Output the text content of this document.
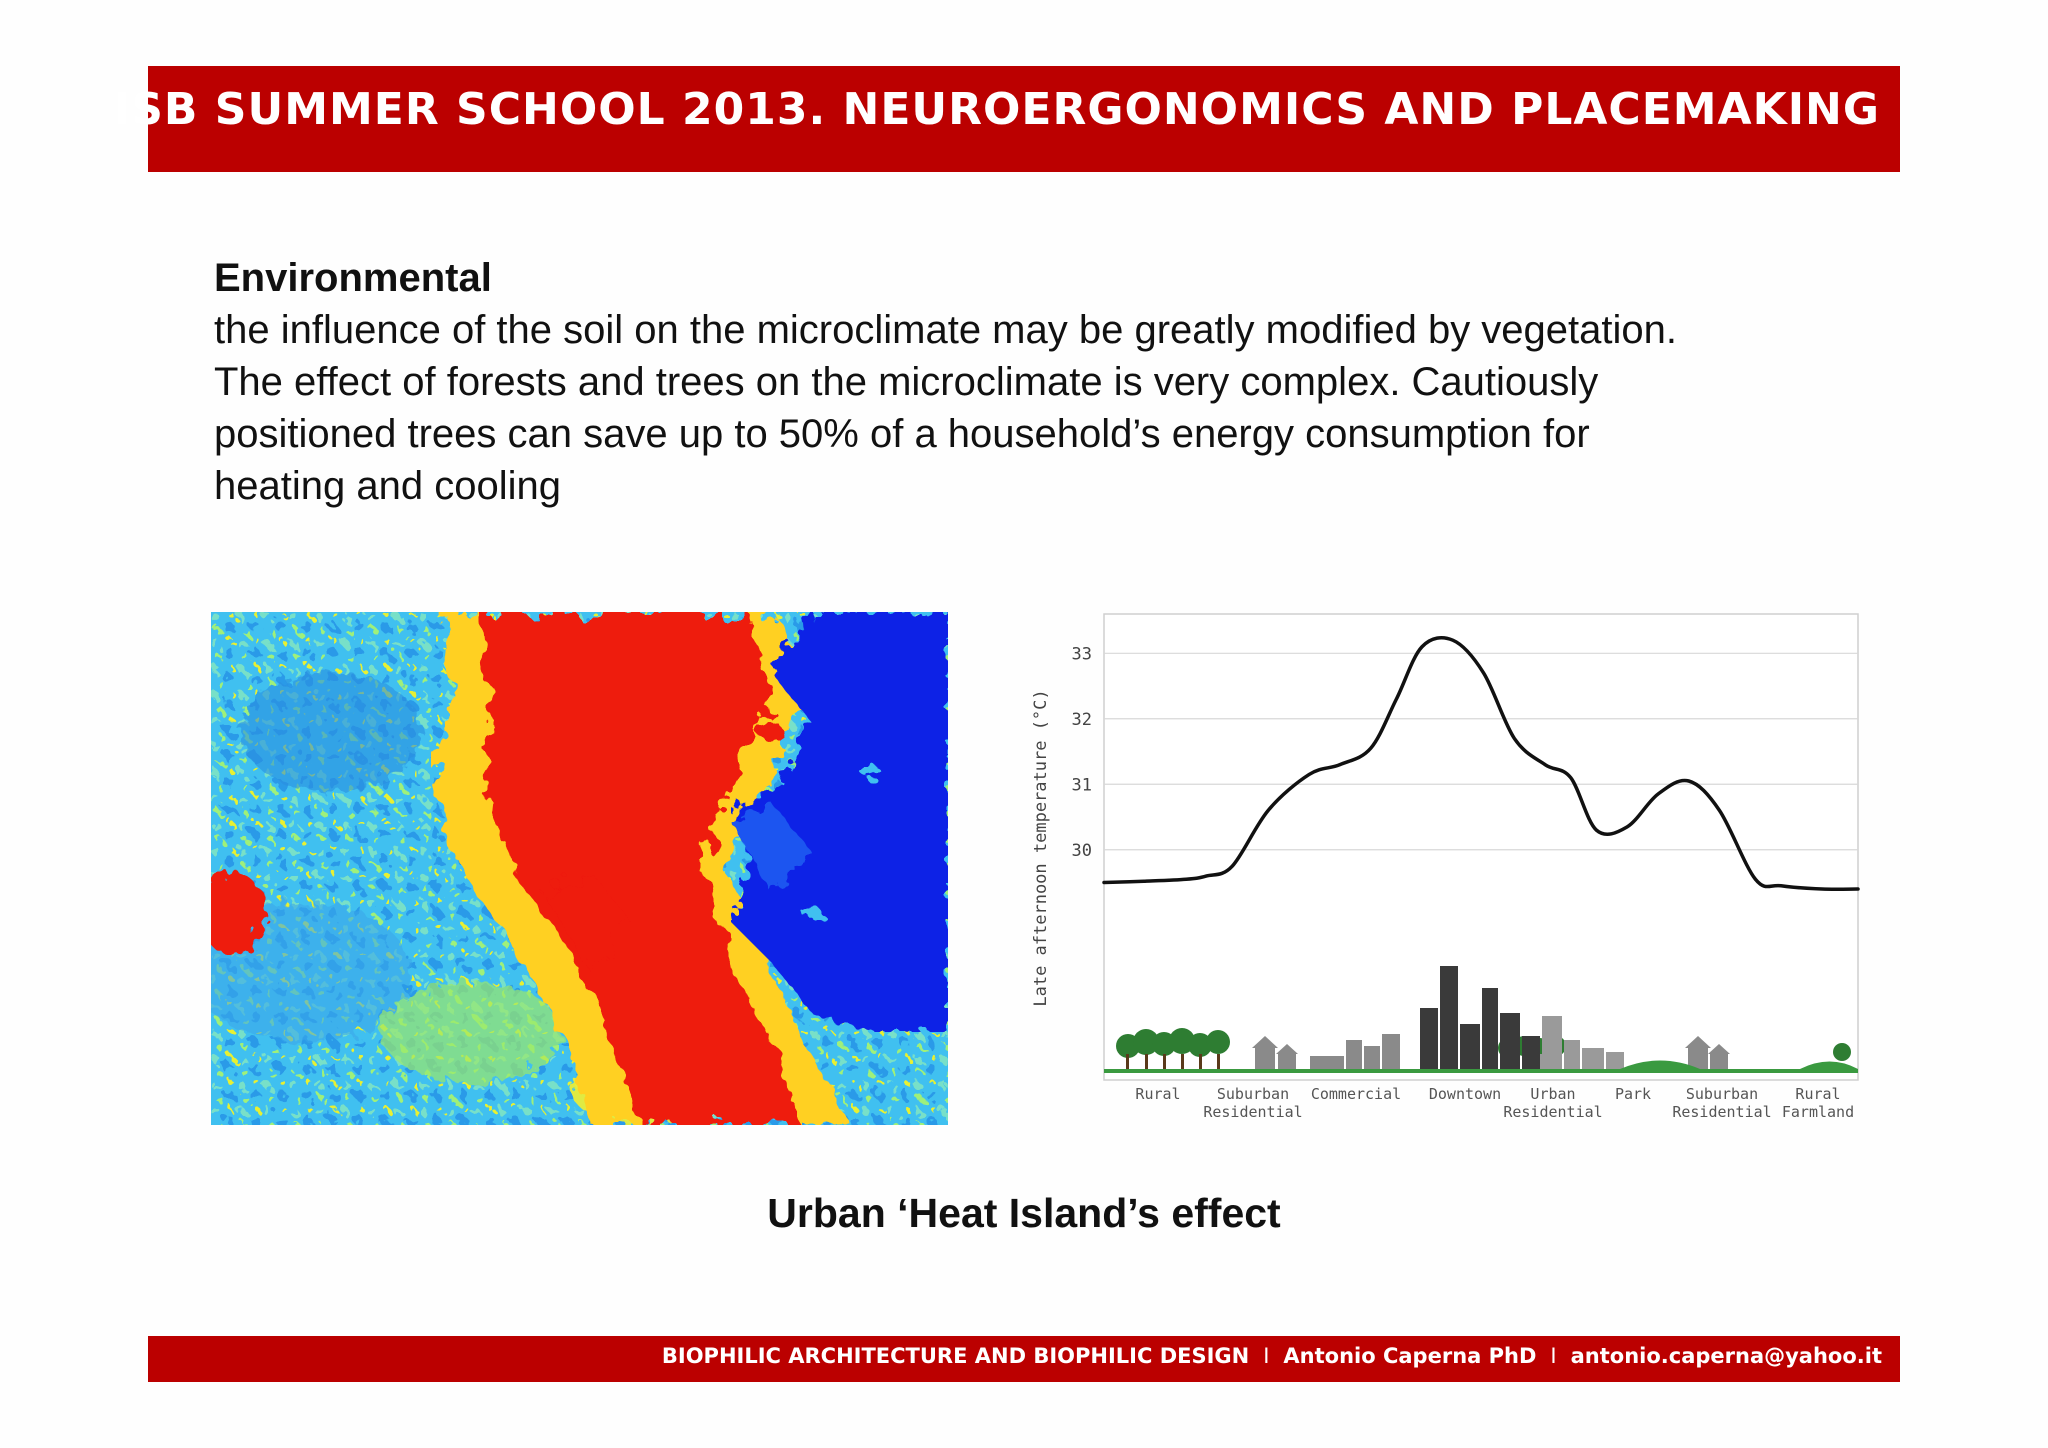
ISB SUMMER SCHOOL 2013. NEUROERGONOMICS AND PLACEMAKING
Environmental
the influence of the soil on the microclimate may be greatly modified by vegetation.
The effect of forests and trees on the microclimate is very complex. Cautiously
positioned trees can save up to 50% of a household’s energy consumption for
heating and cooling
30
31
32
33
Late afternoon temperature (°C)
Rural Suburban
Residential
Commercial Downtown Urban
Residential
Park Suburban
Residential
Rural
Farmland
Urban ‘Heat Island’s effect
BIOPHILIC ARCHITECTURE AND BIOPHILIC DESIGN I Antonio Caperna PhD I antonio.caperna@yahoo.it
